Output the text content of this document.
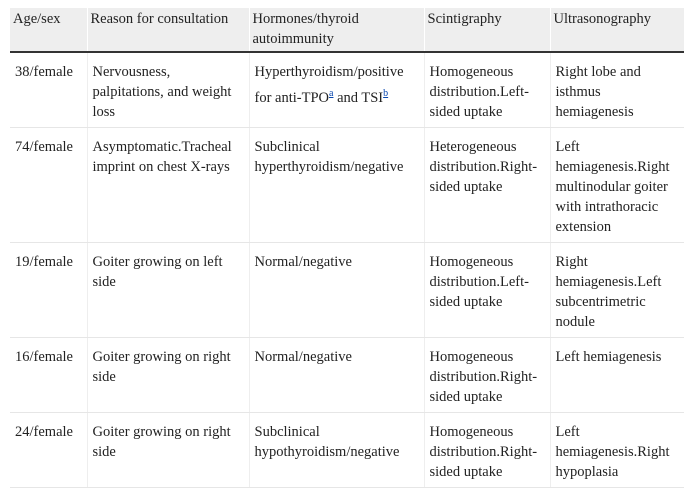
Age/sex	Reason for consultation	Hormones/thyroid autoimmunity	Scintigraphy	Ultrasonography
38/female	Nervousness, palpitations, and weight loss	Hyperthyroidism/positive for anti-TPO$^a$ and TSI$^b$	Homogeneous distribution.Left-sided uptake	Right lobe and isthmus hemiagenesis
74/female	Asymptomatic.Tracheal imprint on chest X-rays	Subclinical hyperthyroidism/negative	Heterogeneous distribution.Right-sided uptake	Left hemiagenesis.Right multinodular goiter with intrathoracic extension
19/female	Goiter growing on left side	Normal/negative	Homogeneous distribution.Left-sided uptake	Right hemiagenesis.Left subcentrimetric nodule
16/female	Goiter growing on right side	Normal/negative	Homogeneous distribution.Right-sided uptake	Left hemiagenesis
24/female	Goiter growing on right side	Subclinical hypothyroidism/negative	Homogeneous distribution.Right-sided uptake	Left hemiagenesis.Right hypoplasia
